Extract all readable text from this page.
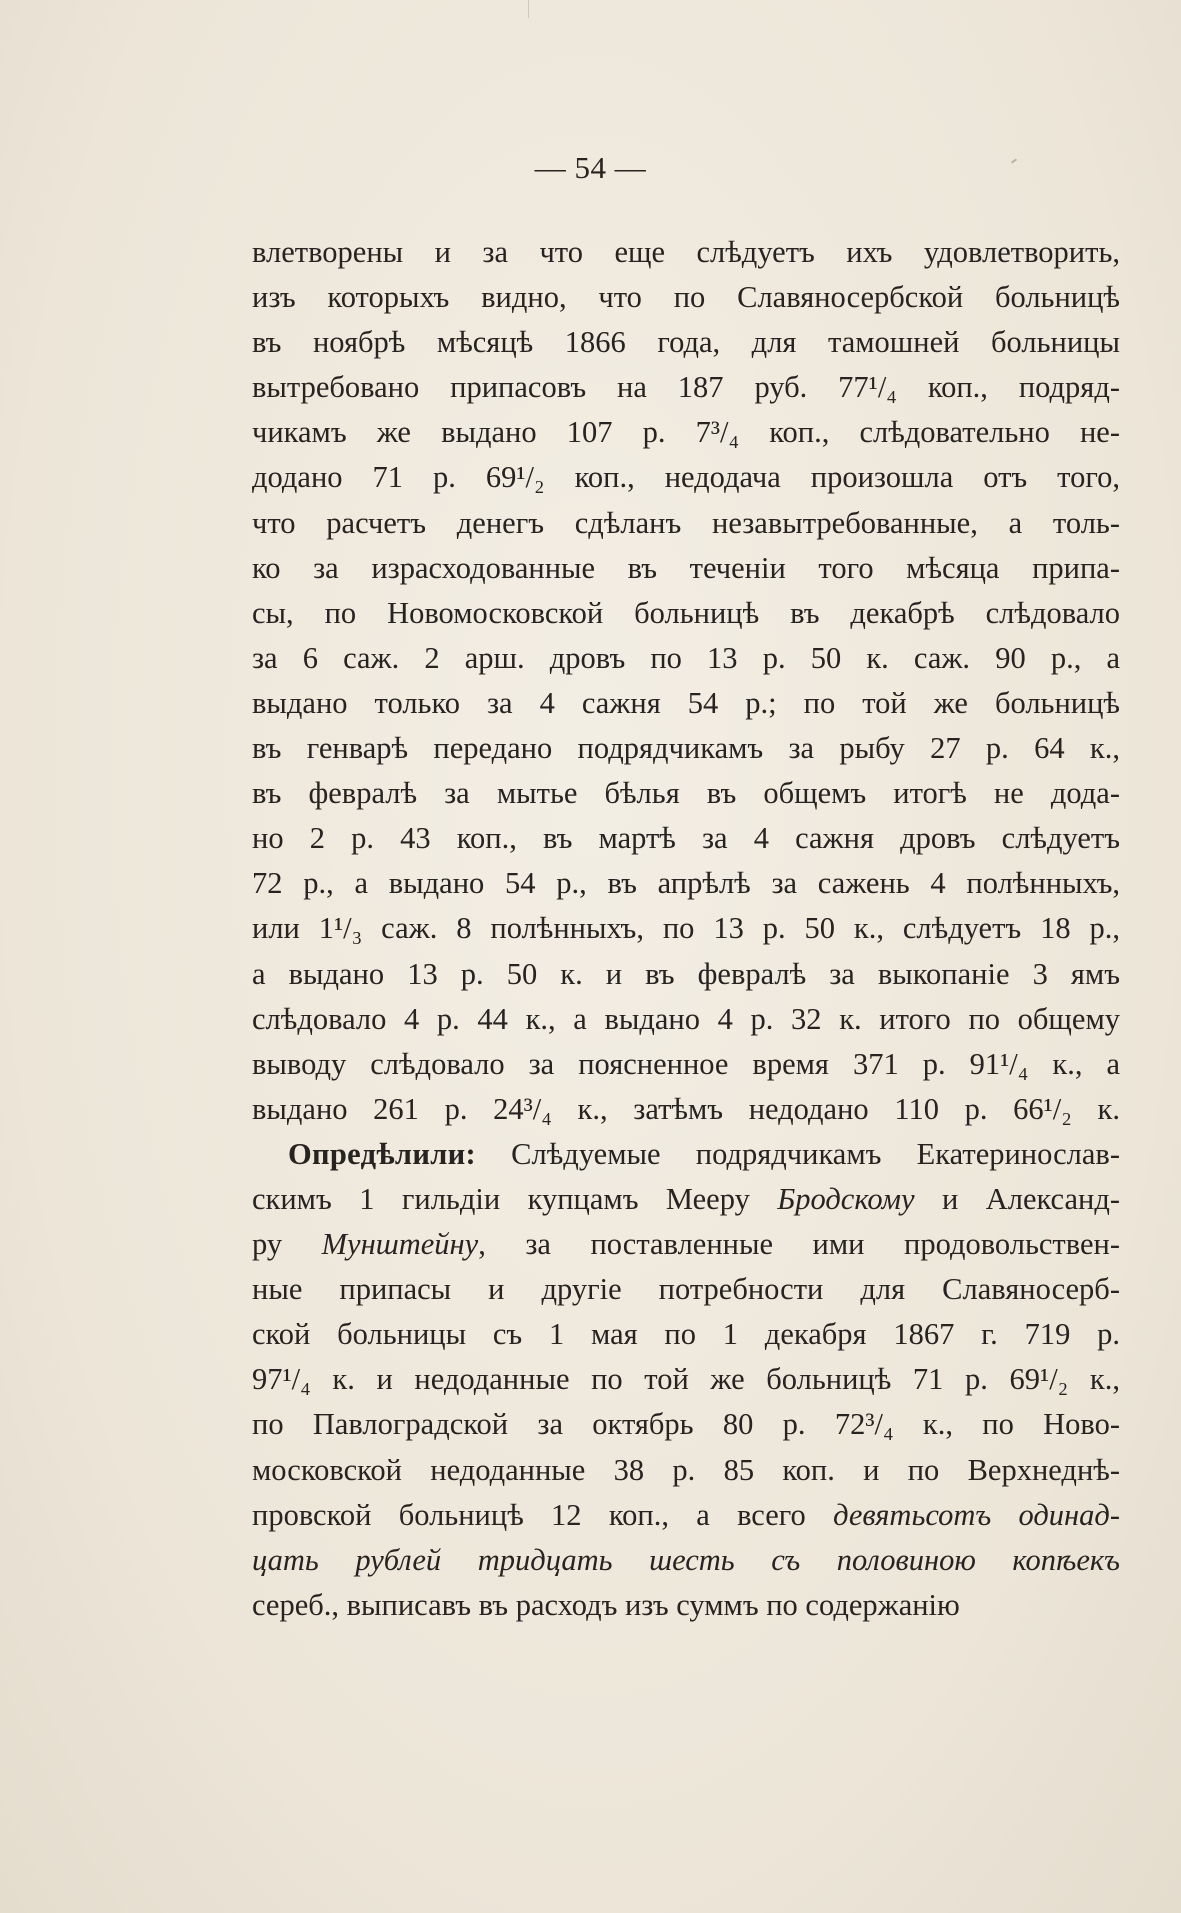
— 54 —
влетворены и за что еще слѣдуетъ ихъ удовлетворить,
изъ которыхъ видно, что по Славяносербской больницѣ
въ ноябрѣ мѣсяцѣ 1866 года, для тамошней больницы
вытребовано припасовъ на 187 руб. 77¹/₄ коп., подряд-
чикамъ же выдано 107 р. 7³/₄ коп., слѣдовательно не-
додано 71 р. 69¹/₂ коп., недодача произошла отъ того,
что расчетъ денегъ сдѣланъ незавытребованные, а толь-
ко за израсходованные въ теченiи того мѣсяца припа-
сы, по Новомосковской больницѣ въ декабрѣ слѣдовало
за 6 саж. 2 арш. дровъ по 13 р. 50 к. саж. 90 р., а
выдано только за 4 сажня 54 р.; по той же больницѣ
въ генварѣ передано подрядчикамъ за рыбу 27 р. 64 к.,
въ февралѣ за мытье бѣлья въ общемъ итогѣ не дода-
но 2 р. 43 коп., въ мартѣ за 4 сажня дровъ слѣдуетъ
72 р., а выдано 54 р., въ апрѣлѣ за сажень 4 полѣнныхъ,
или 1¹/₃ саж. 8 полѣнныхъ, по 13 р. 50 к., слѣдуетъ 18 р.,
а выдано 13 р. 50 к. и въ февралѣ за выкопанiе 3 ямъ
слѣдовало 4 р. 44 к., а выдано 4 р. 32 к. итого по общему
выводу слѣдовало за поясненное время 371 р. 91¹/₄ к., а
выдано 261 р. 24³/₄ к., затѣмъ недодано 110 р. 66¹/₂ к.
Опредѣлили: Слѣдуемые подрядчикамъ Екатеринослав-
скимъ 1 гильдiи купцамъ Мееру Бродскому и Александ-
ру Мунштейну, за поставленные ими продовольствен-
ные припасы и другiе потребности для Славяносерб-
ской больницы съ 1 мая по 1 декабря 1867 г. 719 р.
97¹/₄ к. и недоданные по той же больницѣ 71 р. 69¹/₂ к.,
по Павлоградской за октябрь 80 р. 72³/₄ к., по Ново-
московской недоданные 38 р. 85 коп. и по Верхнеднѣ-
провской больницѣ 12 коп., а всего девятьсотъ одинад-
цать рублей тридцать шесть съ половиною копѣекъ
сереб., выписавъ въ расходъ изъ суммъ по содержанiю
